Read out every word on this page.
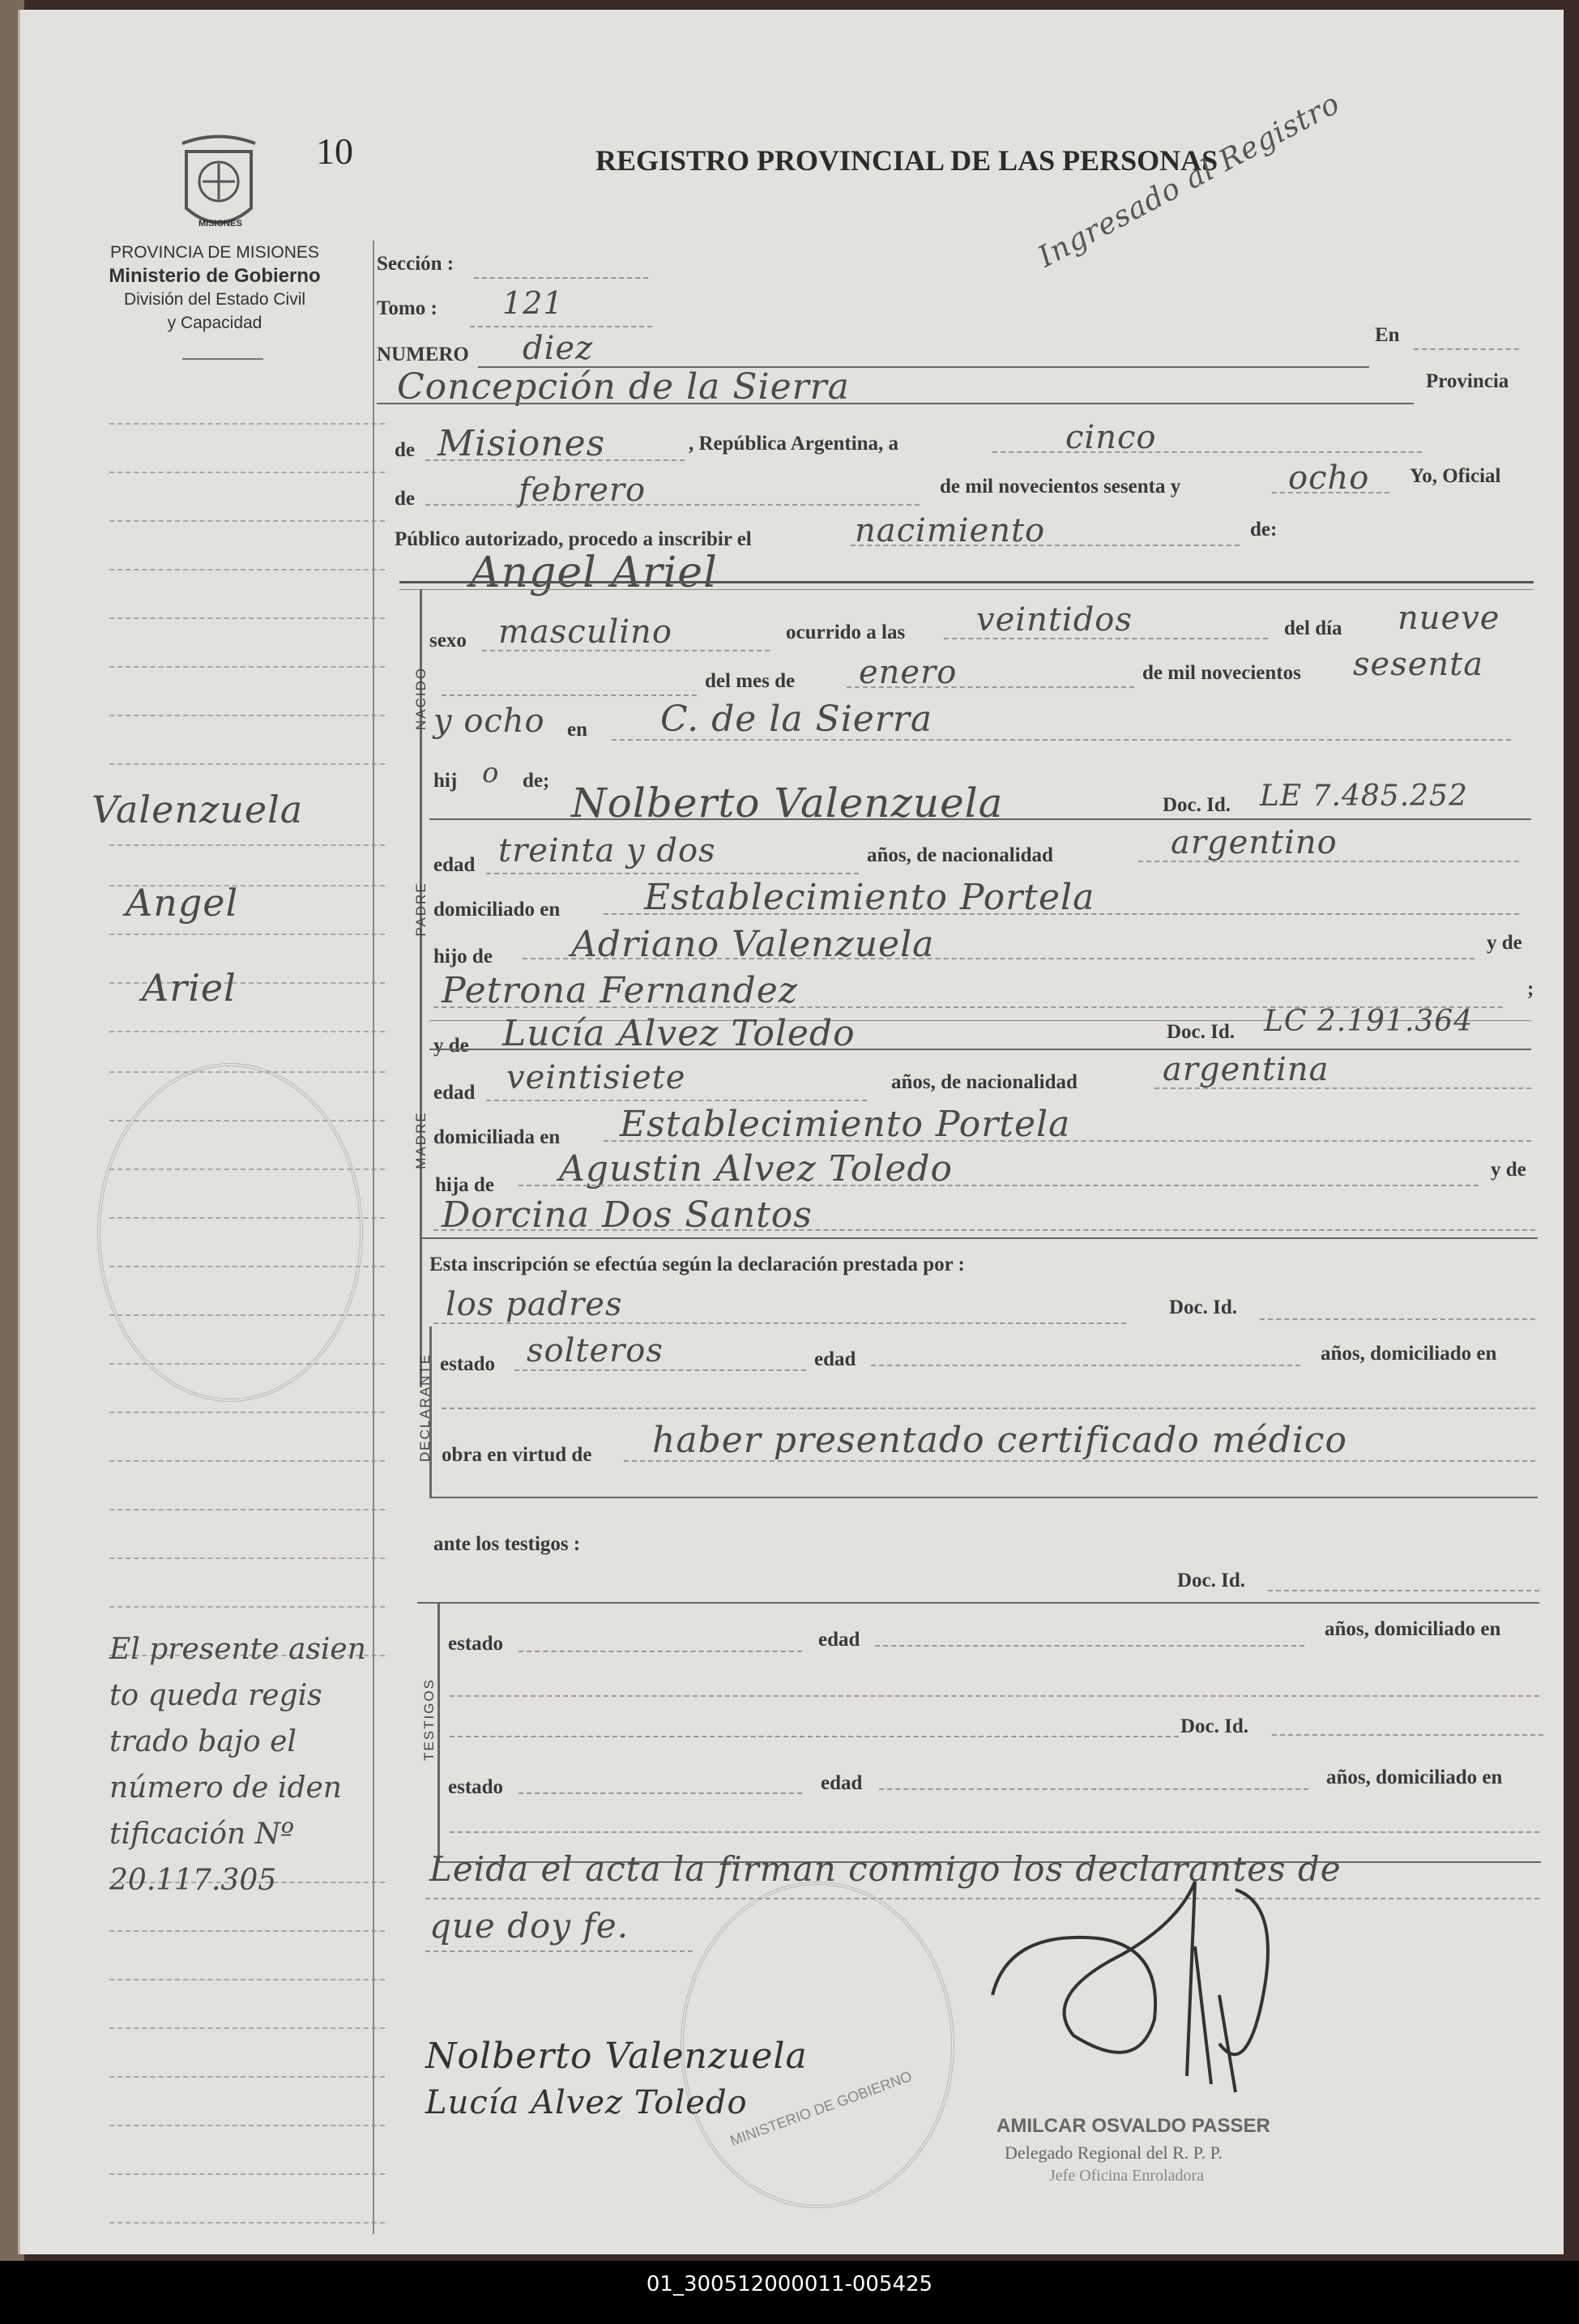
MISIONES
10	REGISTRO PROVINCIAL DE LAS PERSONAS
Ingresado al Registro
PROVINCIA DE MISIONES
Ministerio de Gobierno
División del Estado Civil
y Capacidad
Valenzuela
Angel
Ariel
El presente asien
to queda regis
trado bajo el
número de iden
tificación Nº
20.117.305
Sección :
Tomo : 121
NUMERO diez	En
Concepción de la Sierra	Provincia
de Misiones	, República Argentina, a	cinco
de	febrero	de mil novecientos sesenta y	ocho Yo, Oficial
Público autorizado, procedo a inscribir el	nacimiento	de:
Angel Ariel
NACIDO
sexo masculino	ocurrido a las veintidos	del día nueve
del mes de enero	de mil novecientos sesenta
y ocho en C. de la Sierra
hij o de; Nolberto Valenzuela	Doc. Id. LE 7.485.252
PADRE
edad treinta y dos	años, de nacionalidad	argentino
domiciliado en Establecimiento Portela
hijo de Adriano Valenzuela	y de
Petrona Fernandez	;
y de Lucía Alvez Toledo	Doc. Id. LC 2.191.364
MADRE
edad veintisiete	años, de nacionalidad	argentina
domiciliada en Establecimiento Portela
hija de Agustin Alvez Toledo	y de
Dorcina Dos Santos
Esta inscripción se efectúa según la declaración prestada por :
los padres	Doc. Id.
DECLARANTE estado solteros	edad	años, domiciliado en
obra en virtud de haber presentado certificado médico
ante los testigos :
Doc. Id.
TESTIGOS
estado	edad	años, domiciliado en
Doc. Id.
estado	edad	años, domiciliado en
Leida el acta la firman conmigo los declarantes de
que doy fe.
MINISTERIO DE GOBIERNO
Nolberto Valenzuela
Lucía Alvez Toledo
AMILCAR OSVALDO PASSER
Delegado Regional del R. P. P.
Jefe Oficina Enroladora
01_300512000011-005425
